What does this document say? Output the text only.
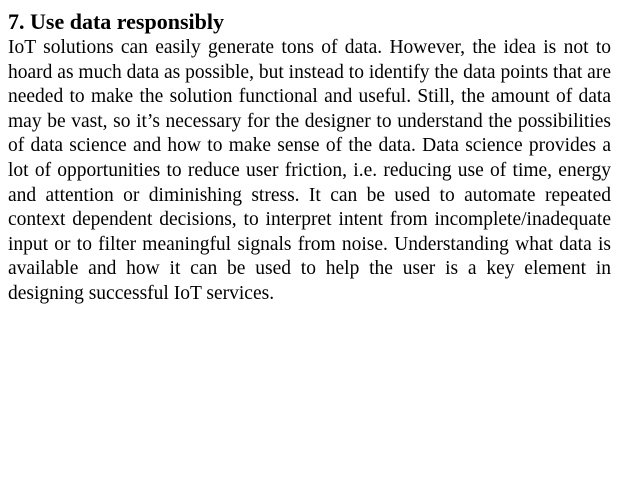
7. Use data responsibly

IoT solutions can easily generate tons of data. However, the idea is not to hoard as much data as possible, but instead to identify the data points that are needed to make the solution functional and useful. Still, the amount of data may be vast, so it’s necessary for the designer to understand the possibilities of data science and how to make sense of the data. Data science provides a lot of opportunities to reduce user friction, i.e. reducing use of time, energy and attention or diminishing stress. It can be used to automate repeated context dependent decisions, to interpret intent from incomplete/inadequate input or to filter meaningful signals from noise. Understanding what data is available and how it can be used to help the user is a key element in designing successful IoT services.
